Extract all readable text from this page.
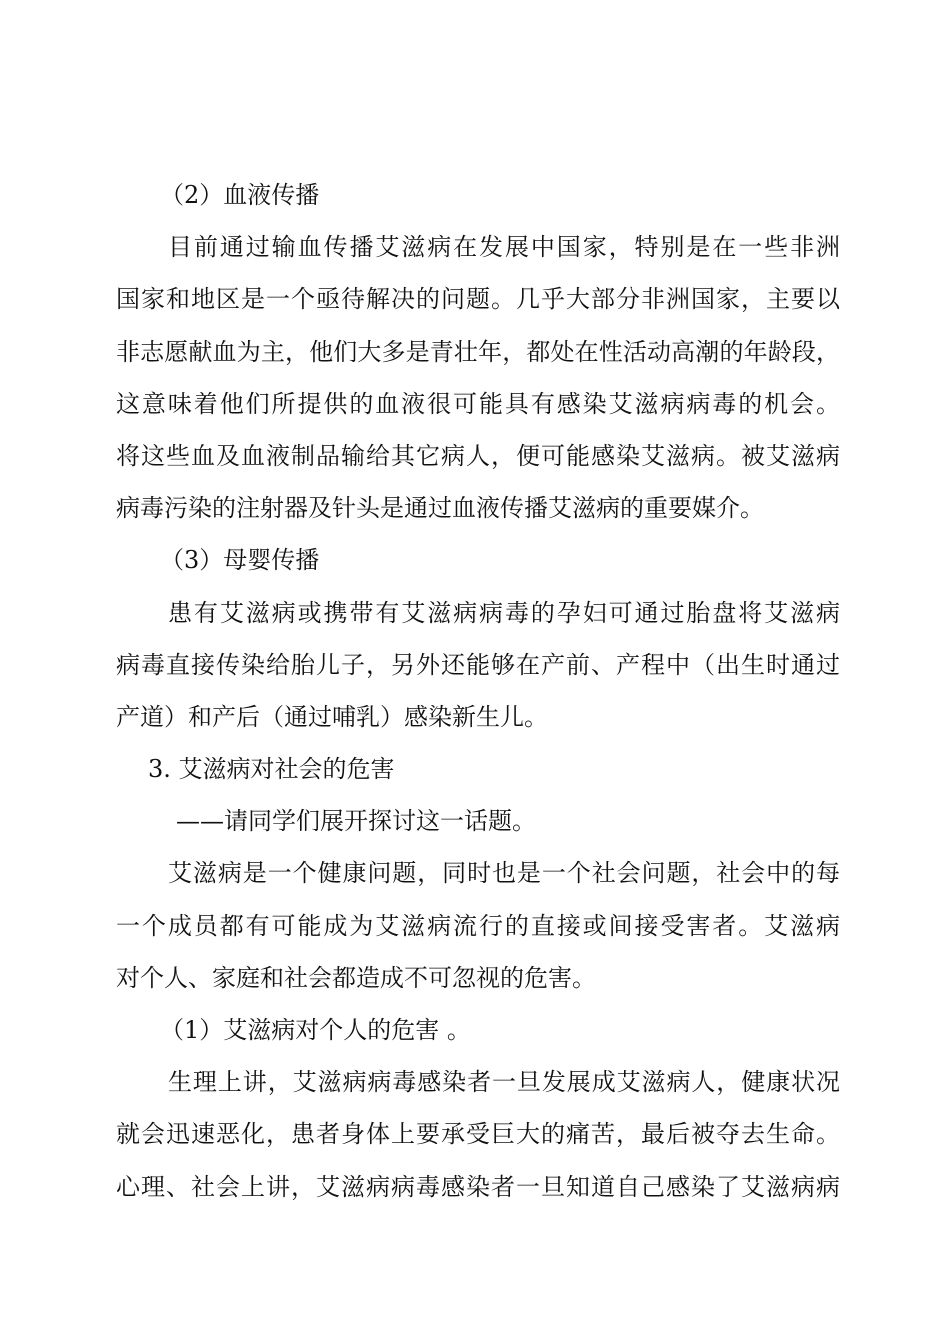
（2）血液传播
目前通过输血传播艾滋病在发展中国家，特别是在一些非洲
国家和地区是一个亟待解决的问题。几乎大部分非洲国家，主要以
非志愿献血为主，他们大多是青壮年，都处在性活动高潮的年龄段，
这意味着他们所提供的血液很可能具有感染艾滋病病毒的机会。
将这些血及血液制品输给其它病人，便可能感染艾滋病。被艾滋病
病毒污染的注射器及针头是通过血液传播艾滋病的重要媒介。
（3）母婴传播
患有艾滋病或携带有艾滋病病毒的孕妇可通过胎盘将艾滋病
病毒直接传染给胎儿子，另外还能够在产前、产程中（出生时通过
产道）和产后（通过哺乳）感染新生儿。
3. 艾滋病对社会的危害
——请同学们展开探讨这一话题。
艾滋病是一个健康问题，同时也是一个社会问题，社会中的每
一个成员都有可能成为艾滋病流行的直接或间接受害者。艾滋病
对个人、家庭和社会都造成不可忽视的危害。
（1）艾滋病对个人的危害 。
生理上讲，艾滋病病毒感染者一旦发展成艾滋病人，健康状况
就会迅速恶化，患者身体上要承受巨大的痛苦，最后被夺去生命。
心理、社会上讲，艾滋病病毒感染者一旦知道自己感染了艾滋病病
